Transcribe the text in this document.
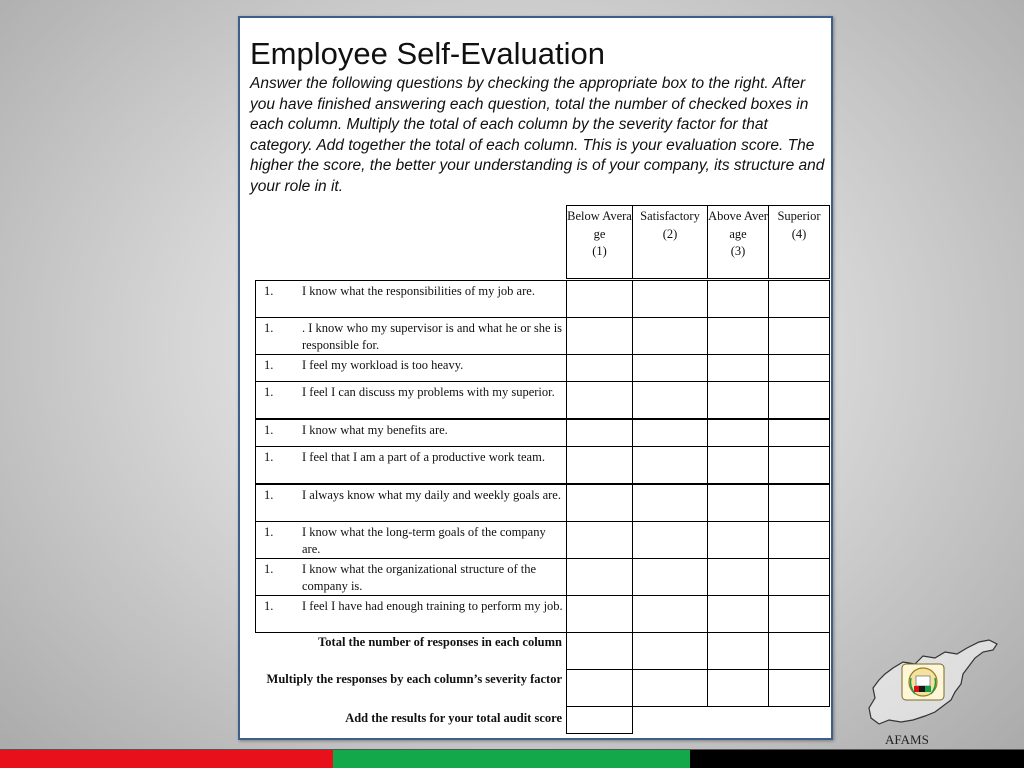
Employee Self-Evaluation
Answer the following questions by checking the appropriate box to the right. After you have finished answering each question, total the number of checked boxes in each column. Multiply the total of each column by the severity factor for that category. Add together the total of each column. This is your evaluation score. The higher the score, the better your understanding is of your company, its structure and your role in it.
Below Average
(1)
Satisfactory
(2)
Above Average
(3)
Superior
(4)
1. I know what the responsibilities of my job are.
1. . I know who my supervisor is and what he or she is responsible for.
1. I feel my workload is too heavy.
1. I feel I can discuss my problems with my superior.
1. I know what my benefits are.
1. I feel that I am a part of a productive work team.
1. I always know what my daily and weekly goals are.
1. I know what the long-term goals of the company are.
1. I know what the organizational structure of the company is.
1. I feel I have had enough training to perform my job.
Total the number of responses in each column
Multiply the responses by each column’s severity factor
Add the results for your total audit score
AFAMS
